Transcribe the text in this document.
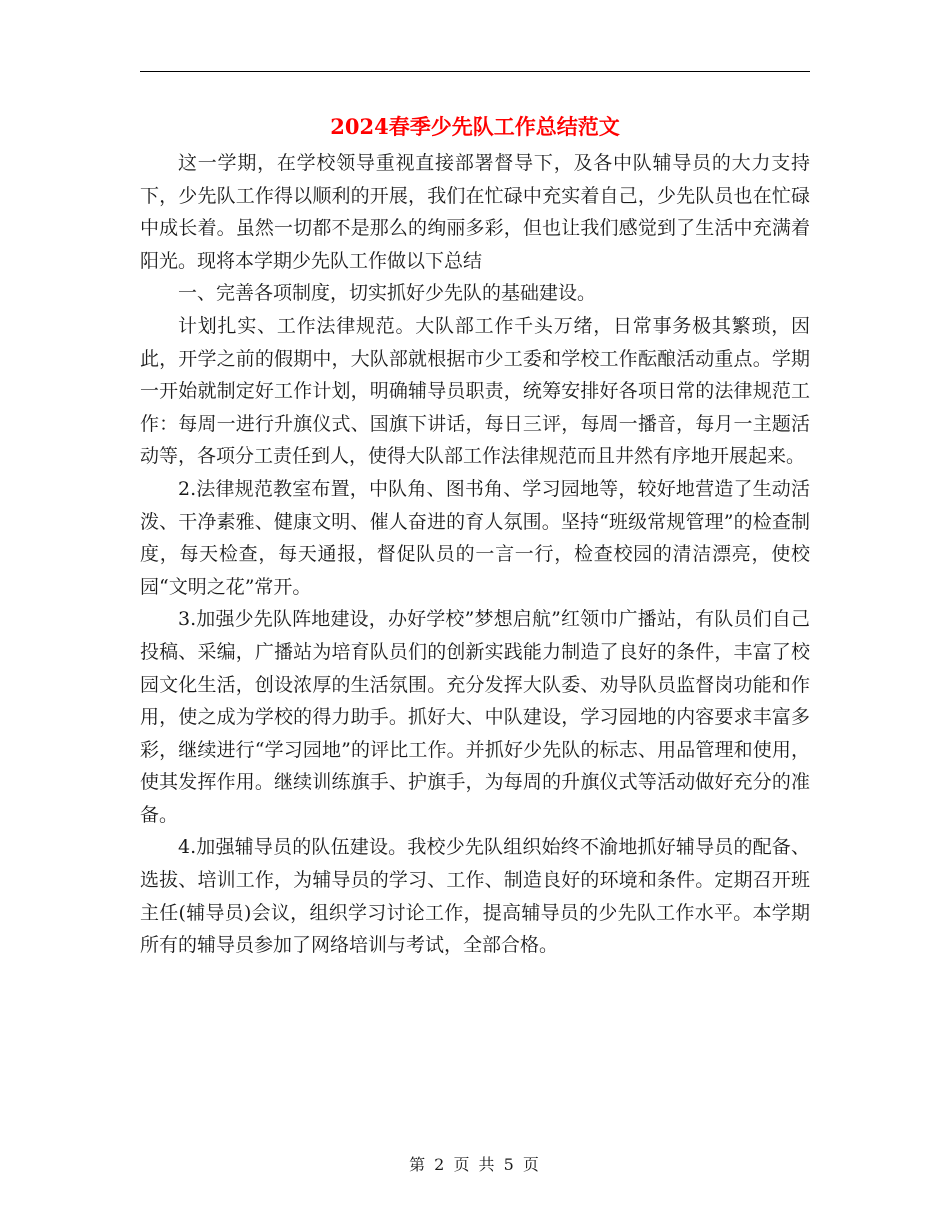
2024春季少先队工作总结范文

这一学期，在学校领导重视直接部署督导下，及各中队辅导员的大力支持下，少先队工作得以顺利的开展，我们在忙碌中充实着自己，少先队员也在忙碌中成长着。虽然一切都不是那么的绚丽多彩，但也让我们感觉到了生活中充满着阳光。现将本学期少先队工作做以下总结

一、完善各项制度，切实抓好少先队的基础建设。

计划扎实、工作法律规范。大队部工作千头万绪，日常事务极其繁琐，因此，开学之前的假期中，大队部就根据市少工委和学校工作酝酿活动重点。学期一开始就制定好工作计划，明确辅导员职责，统筹安排好各项日常的法律规范工作：每周一进行升旗仪式、国旗下讲话，每日三评，每周一播音，每月一主题活动等，各项分工责任到人，使得大队部工作法律规范而且井然有序地开展起来。

2.法律规范教室布置，中队角、图书角、学习园地等，较好地营造了生动活泼、干净素雅、健康文明、催人奋进的育人氛围。坚持“班级常规管理”的检查制度，每天检查，每天通报，督促队员的一言一行，检查校园的清洁漂亮，使校园“文明之花”常开。

3.加强少先队阵地建设，办好学校”梦想启航”红领巾广播站，有队员们自己投稿、采编，广播站为培育队员们的创新实践能力制造了良好的条件，丰富了校园文化生活，创设浓厚的生活氛围。充分发挥大队委、劝导队员监督岗功能和作用，使之成为学校的得力助手。抓好大、中队建设，学习园地的内容要求丰富多彩，继续进行“学习园地”的评比工作。并抓好少先队的标志、用品管理和使用，使其发挥作用。继续训练旗手、护旗手，为每周的升旗仪式等活动做好充分的准备。

4.加强辅导员的队伍建设。我校少先队组织始终不渝地抓好辅导员的配备、选拔、培训工作，为辅导员的学习、工作、制造良好的环境和条件。定期召开班主任(辅导员)会议，组织学习讨论工作，提高辅导员的少先队工作水平。本学期所有的辅导员参加了网络培训与考试，全部合格。

第 2 页 共 5 页
